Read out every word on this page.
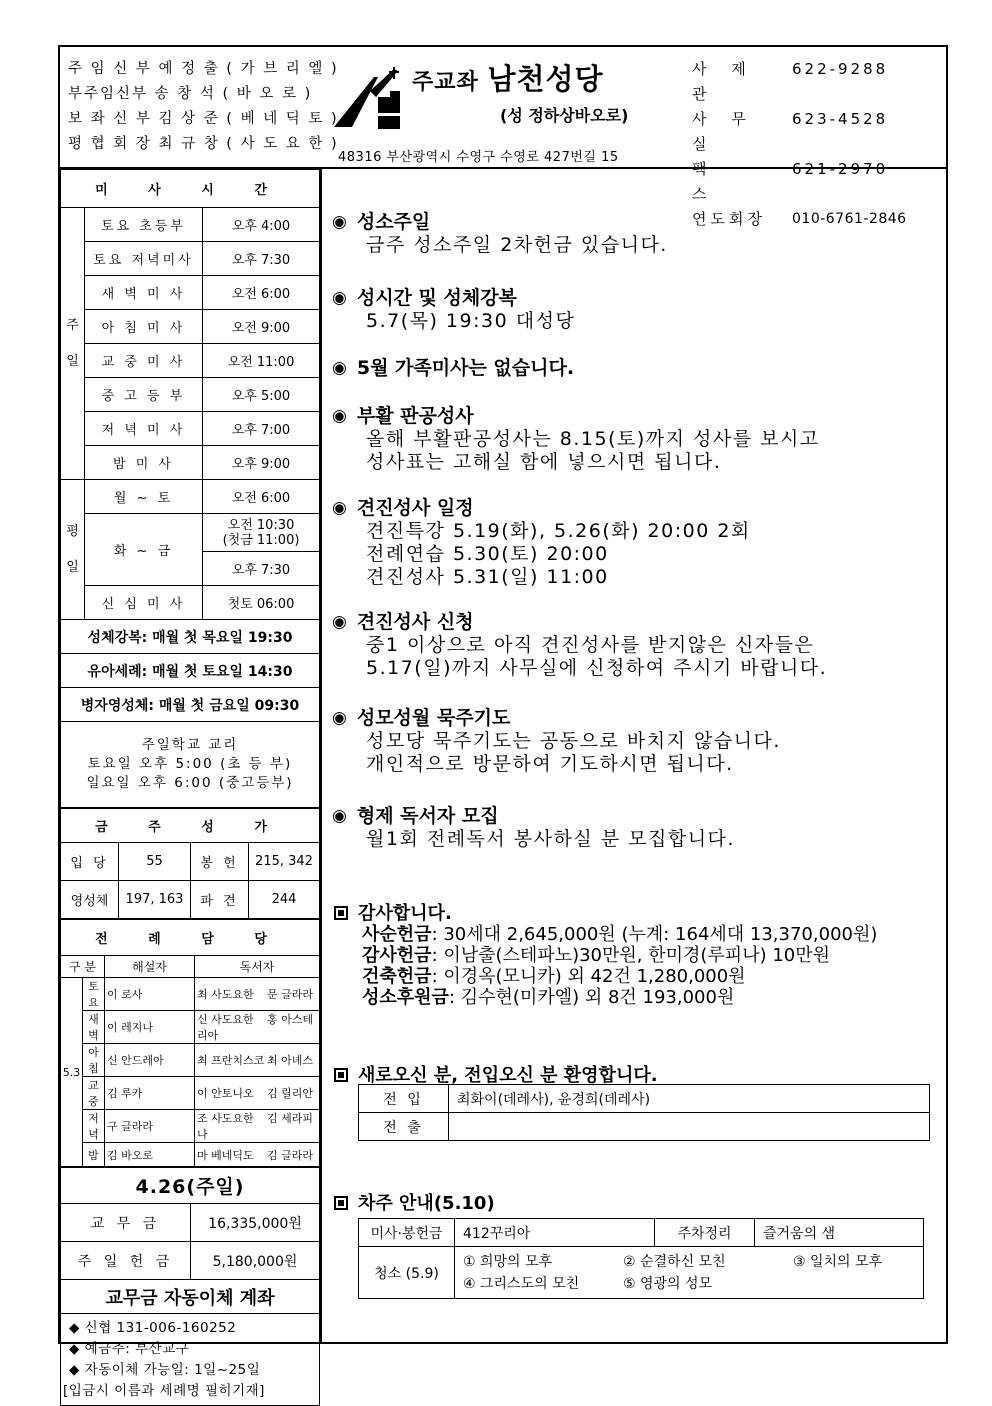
주 임 신 부 예 정 출 ( 가 브 리 엘 )
부주임신부 송 창 석 ( 바 오 로 )
보 좌 신 부 김 상 준 ( 베 네 딕 토 )
평 협 회 장 최 규 창 ( 사 도 요 한 )
주교좌 남천성당
(성 정하상바오로)
48316 부산광역시 수영구 수영로 427번길 15
사 제 관
622-9288
사 무 실
623-4528
팩 스
621-2970
연도회장	010-6761-2846
미 사 시 간		
주
일	토요 초등부	오후 4:00
	토요 저녁미사	오후 7:30
	새 벽 미 사	오전 6:00
	아 침 미 사	오전 9:00
	교 중 미 사	오전 11:00
	중 고 등 부	오후 5:00
	저 녁 미 사	오후 7:00
	밤 미 사	오후 9:00
평
일	월 ~ 토	오전 6:00
	화 ~ 금	오전 10:30
(첫금 11:00)

		오후 7:30
	신 심 미 사	첫토 06:00
성체강복: 매월 첫 목요일 19:30		
유아세례: 매월 첫 토요일 14:30		
병자영성체: 매월 첫 금요일 09:30		

주일학교 교리
토요일 오후 5:00 (초 등 부)
일요일 오후 6:00 (중고등부)		
금 주 성 가			
입 당	55	봉 헌	215, 342
영성체	197, 163	파 견	244
전 례 담 당			
구 분		해설자	독서자
5.3	토요	이 로사	최 사도요한 문 글라라
	새벽	이 레지나	신 사도요한 홍 아스테리아
	아침	신 안드레아	최 프란치스코 최 아녜스
	교중	김 루카	이 안토니오 김 릴리안
	저녁	구 글라라	조 사도요한 김 세라피나
	밤	김 바오로	마 베네딕도 김 글라라
4.26(주일)	
교 무 금	16,335,000원
주 일 헌 금	5,180,000원
교무금 자동이체 계좌	

◆ 신협 131-006-160252
◆ 예금주: 부산교구
◆ 자동이체 가능일: 1일~25일
[입금시 이름과 세례명 필히기재]	
◉ 성소주일
금주 성소주일 2차헌금 있습니다.
◉ 성시간 및 성체강복
5.7(목) 19:30 대성당
◉ 5월 가족미사는 없습니다.
◉ 부활 판공성사
올해 부활판공성사는 8.15(토)까지 성사를 보시고
성사표는 고해실 함에 넣으시면 됩니다.
◉ 견진성사 일정
견진특강 5.19(화), 5.26(화) 20:00 2회
전례연습 5.30(토) 20:00
견진성사 5.31(일) 11:00
◉ 견진성사 신청
중1 이상으로 아직 견진성사를 받지않은 신자들은
5.17(일)까지 사무실에 신청하여 주시기 바랍니다.
◉ 성모성월 묵주기도
성모당 묵주기도는 공동으로 바치지 않습니다.
개인적으로 방문하여 기도하시면 됩니다.
◉ 형제 독서자 모집
월1회 전례독서 봉사하실 분 모집합니다.
감사합니다.
사순헌금: 30세대 2,645,000원 (누계: 164세대 13,370,000원)
감사헌금: 이남출(스테파노)30만원, 한미경(루피나) 10만원
건축헌금: 이경옥(모니카) 외 42건 1,280,000원
성소후원금: 김수현(미카엘) 외 8건 193,000원
새로오신 분, 전입오신 분 환영합니다.
전 입	최화이(데레사), 윤경희(데레사)
전 출	
차주 안내(5.10)
미사·봉헌금	412꾸리아	주차정리	즐거움의 샘
청소 (5.9)	① 희망의 모후 ② 순결하신 모친 ③ 일치의 모후
④ 그리스도의 모친 ⑤ 영광의 성모		
